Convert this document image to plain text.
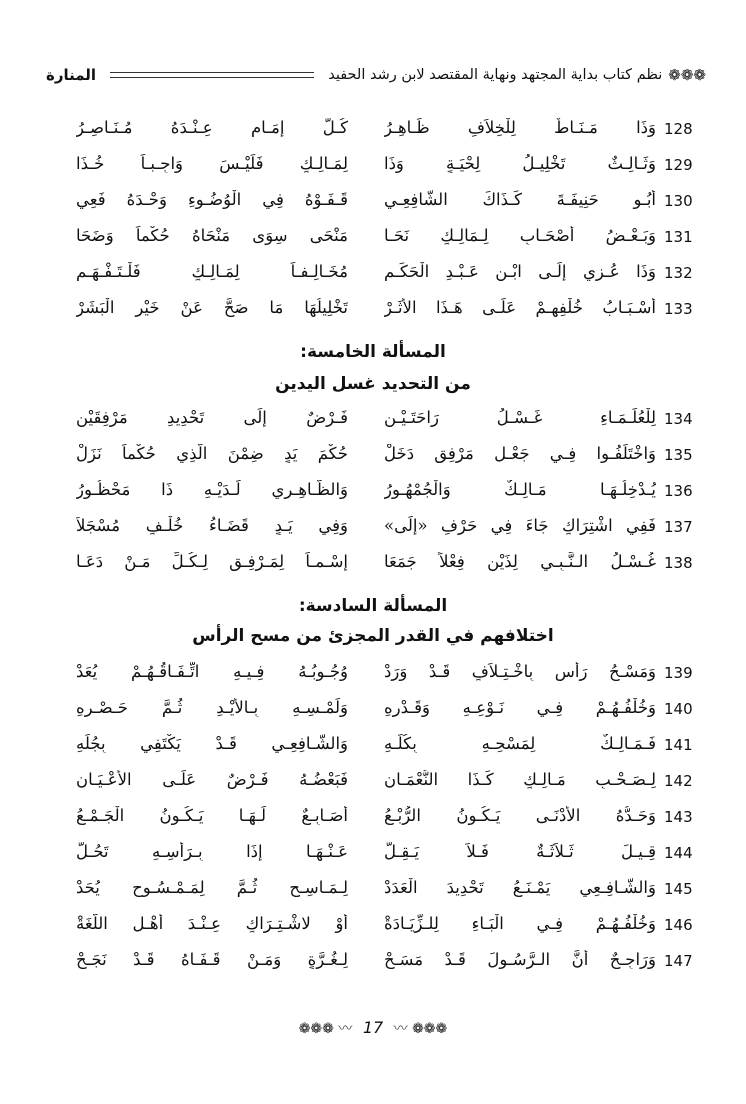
المنارة	نظم كتاب بداية المجتهد ونهاية المقتصد لابن رشد الحفيد ❁❁❁
128
وَذَا مَـنَـاطٌ لِلْخِلاَفِ ظَـاهِـرُ
كُـلُّ إِمَـامٍ عِـنْـدَهُ مُـنَـاصِـرُ
129
وَثَـالِـثٌ تَخْلِيـلُ لِحْيَـةٍ وَذَا
لِمَـالِـكٍ فَلَيْـسَ وَاجِـبـاً خُـذَا
130
أَبُـو حَنِيفَـةَ كَـذَاكَ الشَّافِعِـي
قَـفَـوْهُ فِي الْوُضُـوءِ وَحْـدَهُ فَعِي
131
وَبَـعْـضُ أَصْحَـابِ لِـمَالِـكٍ نَحَـا
مَنْحَى سِوَى مَنْحَاهُ حُكْماً وَضَحَا
132
وَذَا عُـزِي إِلَـى ابْـنِ عَـبْـدِ الْحَكَـمِ
مُخَـالِـفـاً لِمَـالِـكٍ فَلْـتَـفْـهَـمِ
133
أَسْـبَـابُ خُلْفِهِـمْ عَلَـى هَـذَا الأَثَـرْ
تَخْلِيلُهَا مَا صَحَّ عَنْ خَيْرِ الْبَشَرْ
المسألة الخامسة:
من التحديد غسل اليدين
134
لِلْعُلَـمَـاءِ غَـسْـلُ رَاحَتَـيْـنِ
فَـرْضٌ إِلَى تَحْدِيدِ مَرْفِقَيْنِ
135
وَاخْتَلَفُـوا فِـي جَعْـلِ مَرْفِقٍ دَخَلْ
حُكْمَ يَدٍ ضِمْنَ الَّذِي حُكْماً نَزَلْ
136
يُـدْخِلُـهَـا مَـالِـكٌ وَالْجُمْهُـورُ
وَالظَّـاهِـرِي لَـدَيْـهِ ذَا مَحْظُـورُ
137
فَفِي اشْتِرَاكٍ جَاءَ فِي حَرْفِ «إِلَى»
وَفِي يَـدٍ قَضَـاءُ خُلْـفٍ مُسْجَلاَ
138
غُـسْـلُ الـنَّـبِـي لِذَيْنِ فِعْلاً جَمَعَا
إِسْـمـاً لِمَـرْفِـقٍ لِـكُـلِّ مَـنْ دَعَـا
المسألة السادسة:
اختلافهم في القدر المجزئ من مسح الرأس
139
وَمَسْـحُ رَأْسٍ بِاخْـتِـلاَفٍ قَـدْ وَرَدْ
وُجُـوبُـهُ فِـيـهِ اتِّـفَـاقُـهُـمْ يُعَدْ
140
وَخُلْفُـهُـمْ فِـي نَـوْعِـهِ وَقَـدْرِهِ
وَلَمْـسِـهِ بِـالأَيْـدِ ثُـمَّ حَـصْـرِهِ
141
فَـمَـالِـكٌ لِمَسْحِـهِ بِكُلِّـهِ
وَالشَّـافِعِـي قَـدْ يَكْتَفِي بِجُلِّهِ
142
لِـصَـحْـبِ مَـالِـكٍ كَـذَا النُّعْمَـانِ
فَبَعْضُـهُ فَـرْضٌ عَلَـى الأَعْـيَـانِ
143
وَحَـدُّهُ الأَدْنَـى يَـكُـونُ الرُّبْـعُ
أَصَـابِـعٌ لَـهَـا يَـكُـونُ الْجَـمْـعُ
144
قِـيـلَ ثَـلاَثَـةٌ فَـلاَ يَـقِـلُّ
عَـنْـهَـا إِذَا بِـرَأْسِـهِ تَحُـلُّ
145
وَالشَّـافِـعِي يَمْـنَـعُ تَحْدِيدَ الْعَدَدْ
لِـمَـاسِـحٍ ثُـمَّ لِمَـمْـسُـوحٍ يُحَدْ
146
وَخُلْفُـهُـمْ فِـي الْبَـاءِ لِلـزِّيَـادَةْ
أَوْ لاشْـتِـرَاكٍ عِـنْـدَ أَهْـلِ اللُّغَةْ
147
وَرَاجِـحٌ أَنَّ الـرَّسُـولَ قَـدْ مَسَـحْ
لِـغُـرَّةٍ وَمَـنْ قَـفَـاهُ قَـدْ نَجَـحْ
❁❁❁ 〰 17 〰 ❁❁❁
